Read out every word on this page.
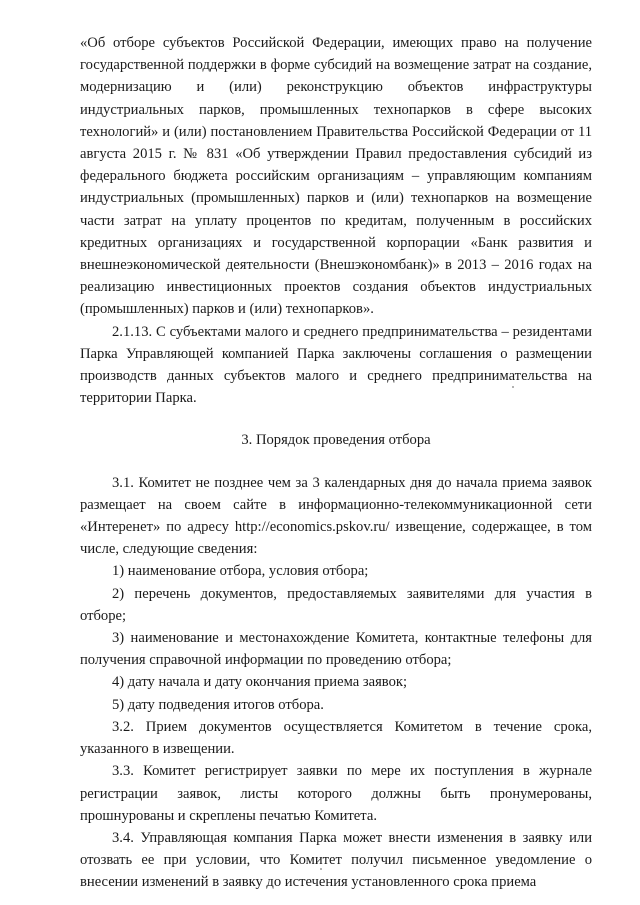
«Об отборе субъектов Российской Федерации, имеющих право на получение государственной поддержки в форме субсидий на возмещение затрат на создание, модернизацию и (или) реконструкцию объектов инфраструктуры индустриальных парков, промышленных технопарков в сфере высоких технологий» и (или) постановлением Правительства Российской Федерации от 11 августа 2015 г. № 831 «Об утверждении Правил предоставления субсидий из федерального бюджета российским организациям – управляющим компаниям индустриальных (промышленных) парков и (или) технопарков на возмещение части затрат на уплату процентов по кредитам, полученным в российских кредитных организациях и государственной корпорации «Банк развития и внешнеэкономической деятельности (Внешэкономбанк)» в 2013 – 2016 годах на реализацию инвестиционных проектов создания объектов индустриальных (промышленных) парков и (или) технопарков».

2.1.13. С субъектами малого и среднего предпринимательства – резидентами Парка Управляющей компанией Парка заключены соглашения о размещении производств данных субъектов малого и среднего предпринимательства на территории Парка.

3. Порядок проведения отбора

3.1. Комитет не позднее чем за 3 календарных дня до начала приема заявок размещает на своем сайте в информационно-телекоммуникационной сети «Интеренет» по адресу http://economics.pskov.ru/ извещение, содержащее, в том числе, следующие сведения:

1) наименование отбора, условия отбора;

2) перечень документов, предоставляемых заявителями для участия в отборе;

3) наименование и местонахождение Комитета, контактные телефоны для получения справочной информации по проведению отбора;

4) дату начала и дату окончания приема заявок;

5) дату подведения итогов отбора.

3.2. Прием документов осуществляется Комитетом в течение срока, указанного в извещении.

3.3. Комитет регистрирует заявки по мере их поступления в журнале регистрации заявок, листы которого должны быть пронумерованы, прошнурованы и скреплены печатью Комитета.

3.4. Управляющая компания Парка может внести изменения в заявку или отозвать ее при условии, что Комитет получил письменное уведомление о внесении изменений в заявку до истечения установленного срока приема
